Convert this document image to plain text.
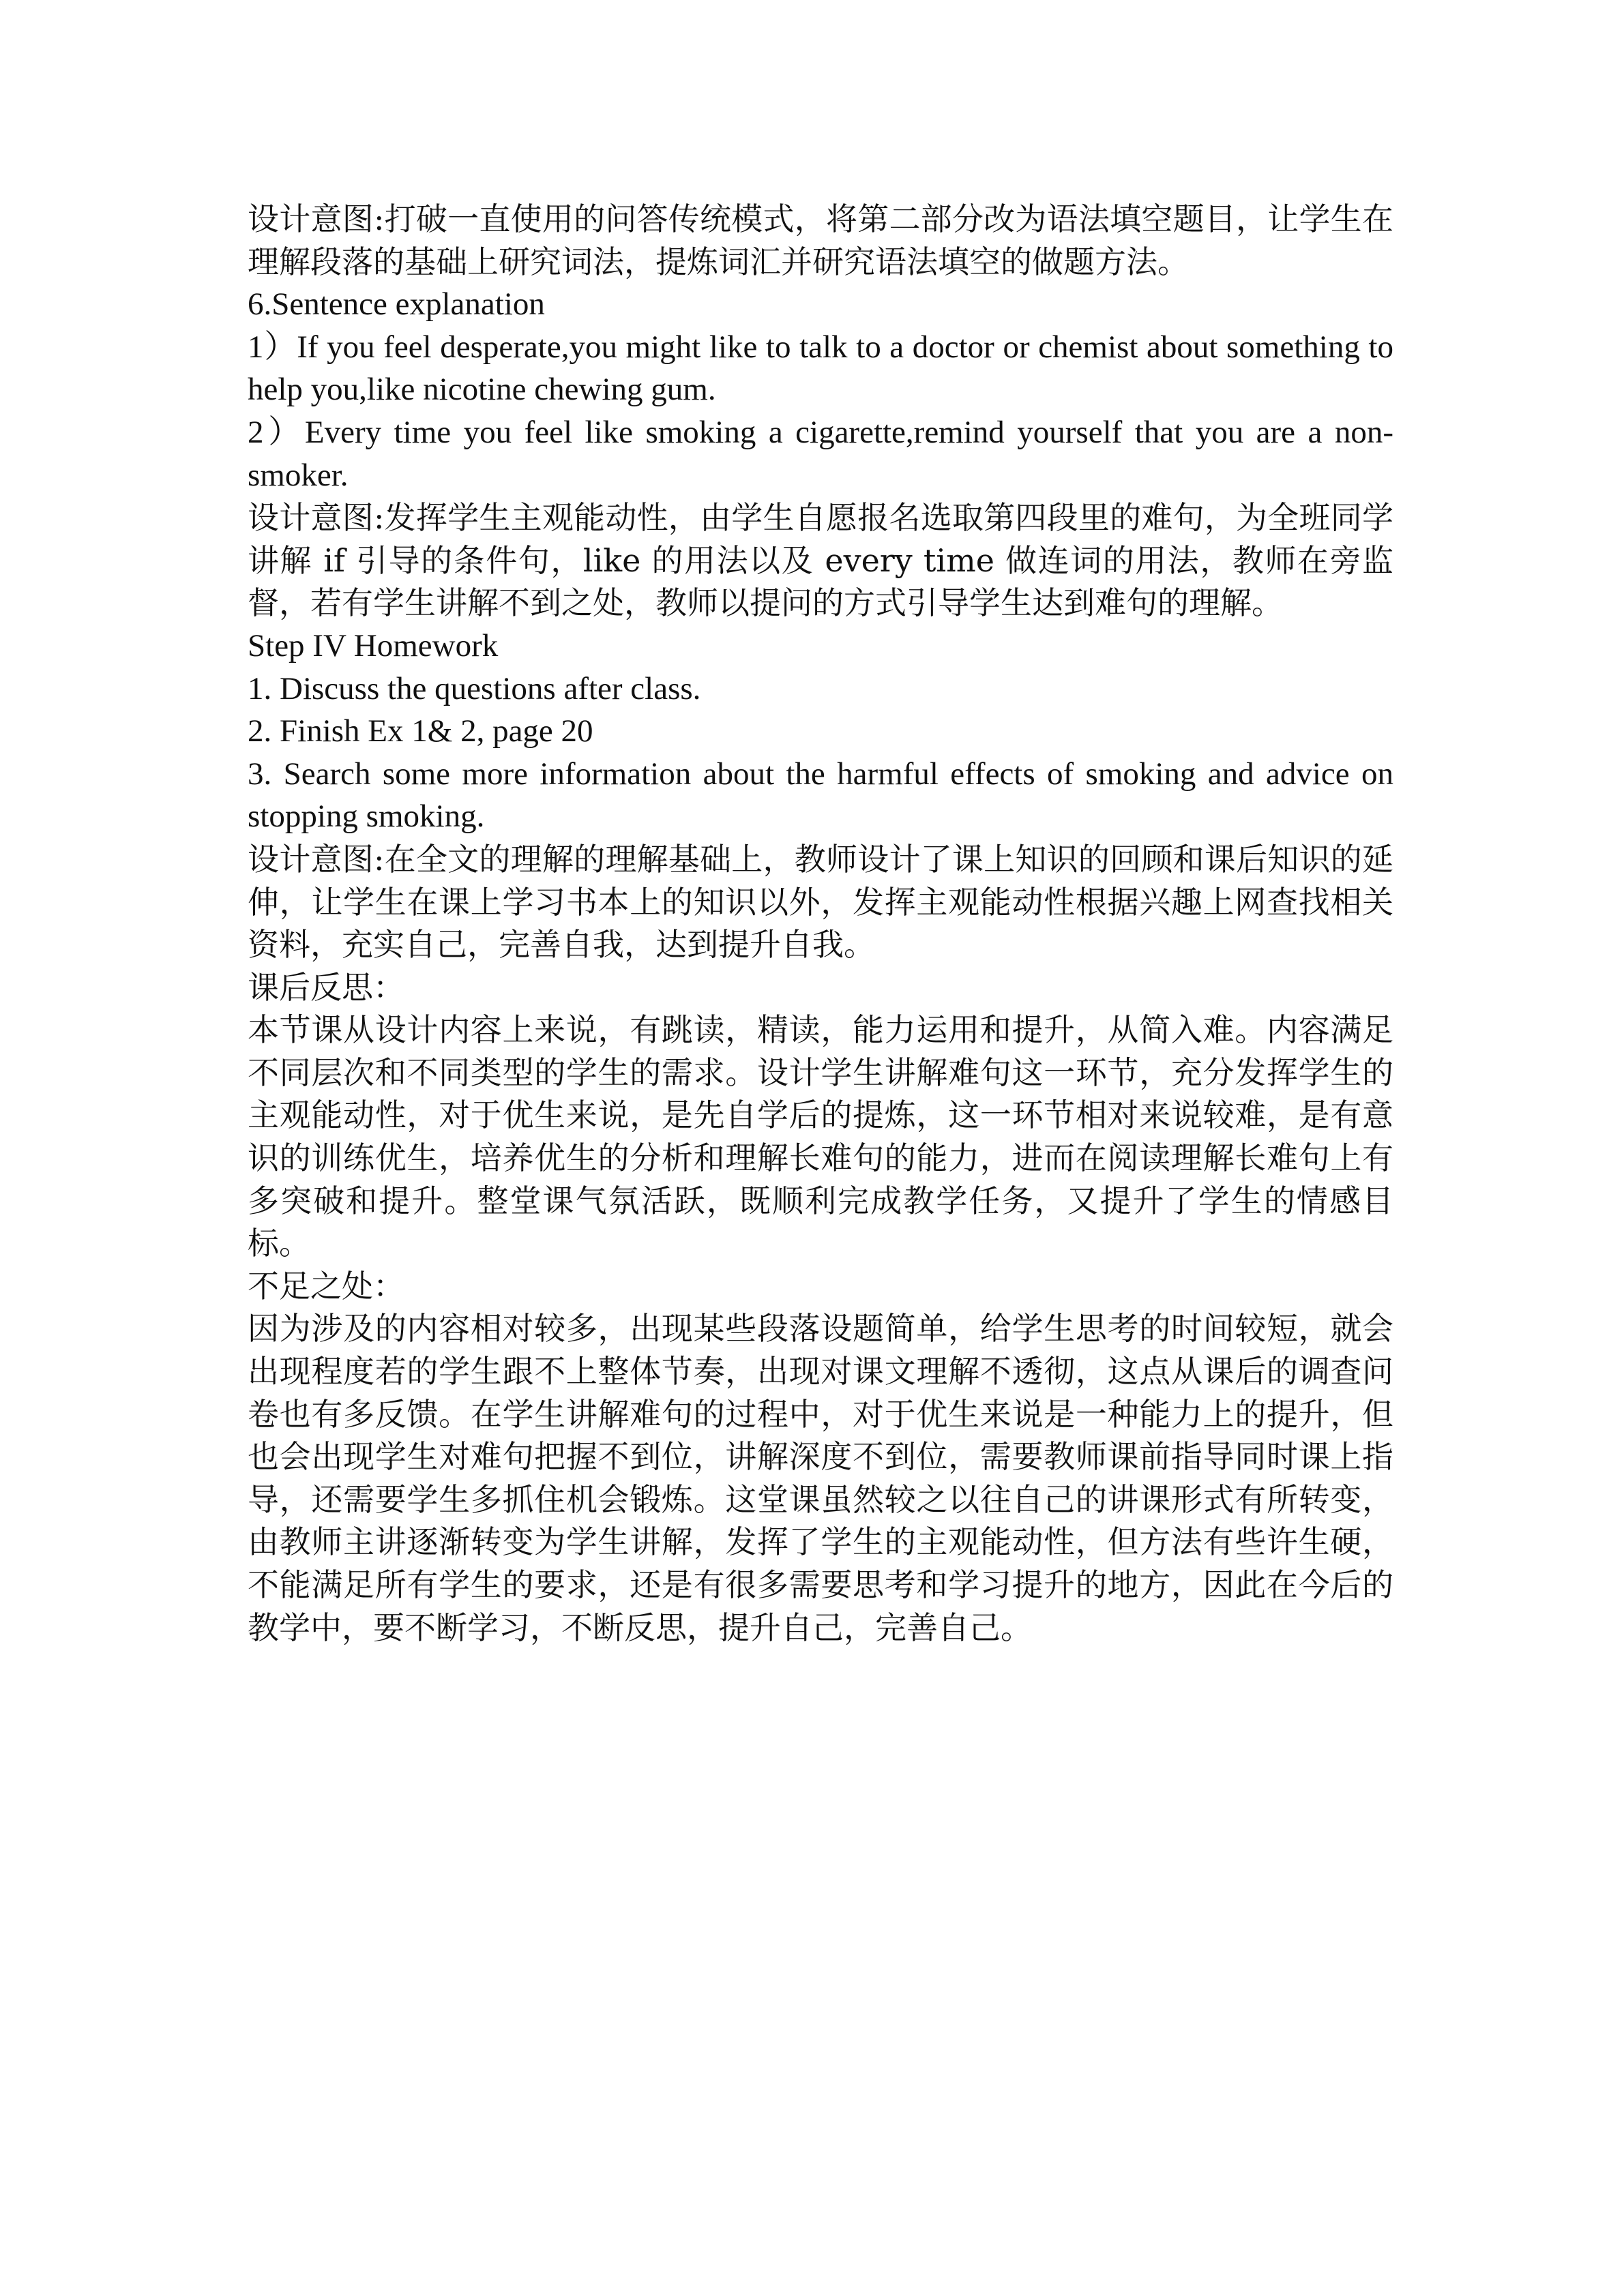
设计意图:打破一直使用的问答传统模式，将第二部分改为语法填空题目，让学生在理解段落的基础上研究词法，提炼词汇并研究语法填空的做题方法。

6.Sentence explanation

1）If you feel desperate,you might like to talk to a doctor or chemist about something to help you,like nicotine chewing gum.

2）Every time you feel like smoking a cigarette,remind yourself that you are a non-smoker.

设计意图:发挥学生主观能动性，由学生自愿报名选取第四段里的难句，为全班同学讲解 if 引导的条件句，like 的用法以及 every time 做连词的用法，教师在旁监督，若有学生讲解不到之处，教师以提问的方式引导学生达到难句的理解。

Step IV Homework

1. Discuss the questions after class.

2. Finish Ex 1& 2, page 20

3. Search some more information about the harmful effects of smoking and advice on stopping smoking.

设计意图:在全文的理解的理解基础上，教师设计了课上知识的回顾和课后知识的延伸，让学生在课上学习书本上的知识以外，发挥主观能动性根据兴趣上网查找相关资料，充实自己，完善自我，达到提升自我。

课后反思：

本节课从设计内容上来说，有跳读，精读，能力运用和提升，从简入难。内容满足不同层次和不同类型的学生的需求。设计学生讲解难句这一环节，充分发挥学生的主观能动性，对于优生来说，是先自学后的提炼，这一环节相对来说较难，是有意识的训练优生，培养优生的分析和理解长难句的能力，进而在阅读理解长难句上有多突破和提升。整堂课气氛活跃，既顺利完成教学任务，又提升了学生的情感目标。

不足之处：

因为涉及的内容相对较多，出现某些段落设题简单，给学生思考的时间较短，就会出现程度若的学生跟不上整体节奏，出现对课文理解不透彻，这点从课后的调查问卷也有多反馈。在学生讲解难句的过程中，对于优生来说是一种能力上的提升，但也会出现学生对难句把握不到位，讲解深度不到位，需要教师课前指导同时课上指导，还需要学生多抓住机会锻炼。这堂课虽然较之以往自己的讲课形式有所转变，由教师主讲逐渐转变为学生讲解，发挥了学生的主观能动性，但方法有些许生硬，不能满足所有学生的要求，还是有很多需要思考和学习提升的地方，因此在今后的教学中，要不断学习，不断反思，提升自己，完善自己。
